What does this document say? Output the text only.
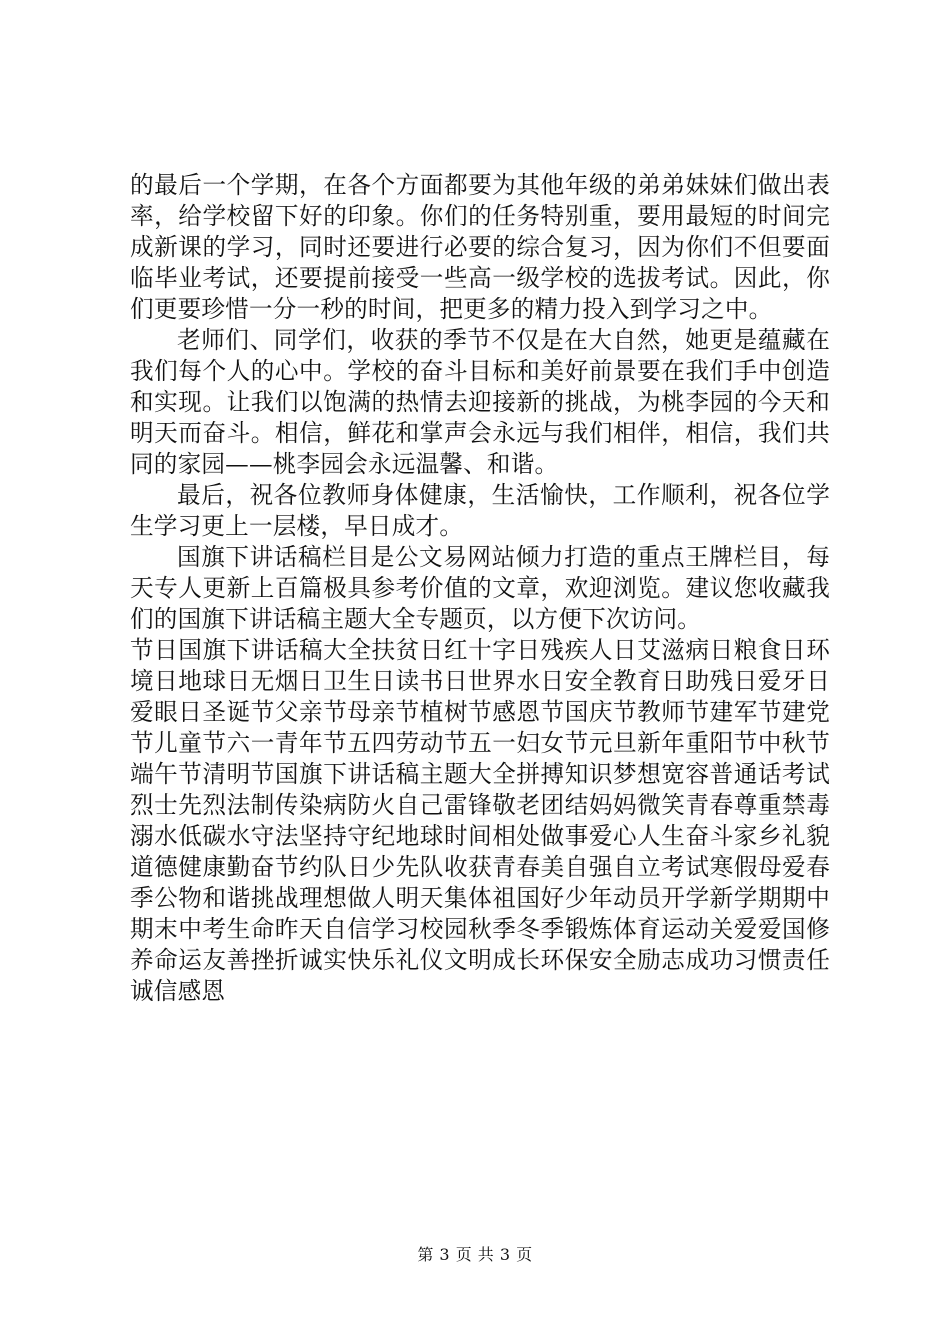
的最后一个学期，在各个方面都要为其他年级的弟弟妹妹们做出表率，给学校留下好的印象。你们的任务特别重，要用最短的时间完成新课的学习，同时还要进行必要的综合复习，因为你们不但要面临毕业考试，还要提前接受一些高一级学校的选拔考试。因此，你们更要珍惜一分一秒的时间，把更多的精力投入到学习之中。

老师们、同学们，收获的季节不仅是在大自然，她更是蕴藏在我们每个人的心中。学校的奋斗目标和美好前景要在我们手中创造和实现。让我们以饱满的热情去迎接新的挑战，为桃李园的今天和明天而奋斗。相信，鲜花和掌声会永远与我们相伴，相信，我们共同的家园——桃李园会永远温馨、和谐。

最后，祝各位教师身体健康，生活愉快，工作顺利，祝各位学生学习更上一层楼，早日成才。

国旗下讲话稿栏目是公文易网站倾力打造的重点王牌栏目，每天专人更新上百篇极具参考价值的文章，欢迎浏览。建议您收藏我们的国旗下讲话稿主题大全专题页，以方便下次访问。

节日国旗下讲话稿大全扶贫日红十字日残疾人日艾滋病日粮食日环境日地球日无烟日卫生日读书日世界水日安全教育日助残日爱牙日爱眼日圣诞节父亲节母亲节植树节感恩节国庆节教师节建军节建党节儿童节六一青年节五四劳动节五一妇女节元旦新年重阳节中秋节端午节清明节国旗下讲话稿主题大全拼搏知识梦想宽容普通话考试烈士先烈法制传染病防火自己雷锋敬老团结妈妈微笑青春尊重禁毒溺水低碳水守法坚持守纪地球时间相处做事爱心人生奋斗家乡礼貌道德健康勤奋节约队日少先队收获青春美自强自立考试寒假母爱春季公物和谐挑战理想做人明天集体祖国好少年动员开学新学期期中期末中考生命昨天自信学习校园秋季冬季锻炼体育运动关爱爱国修养命运友善挫折诚实快乐礼仪文明成长环保安全励志成功习惯责任诚信感恩

第 3 页 共 3 页
